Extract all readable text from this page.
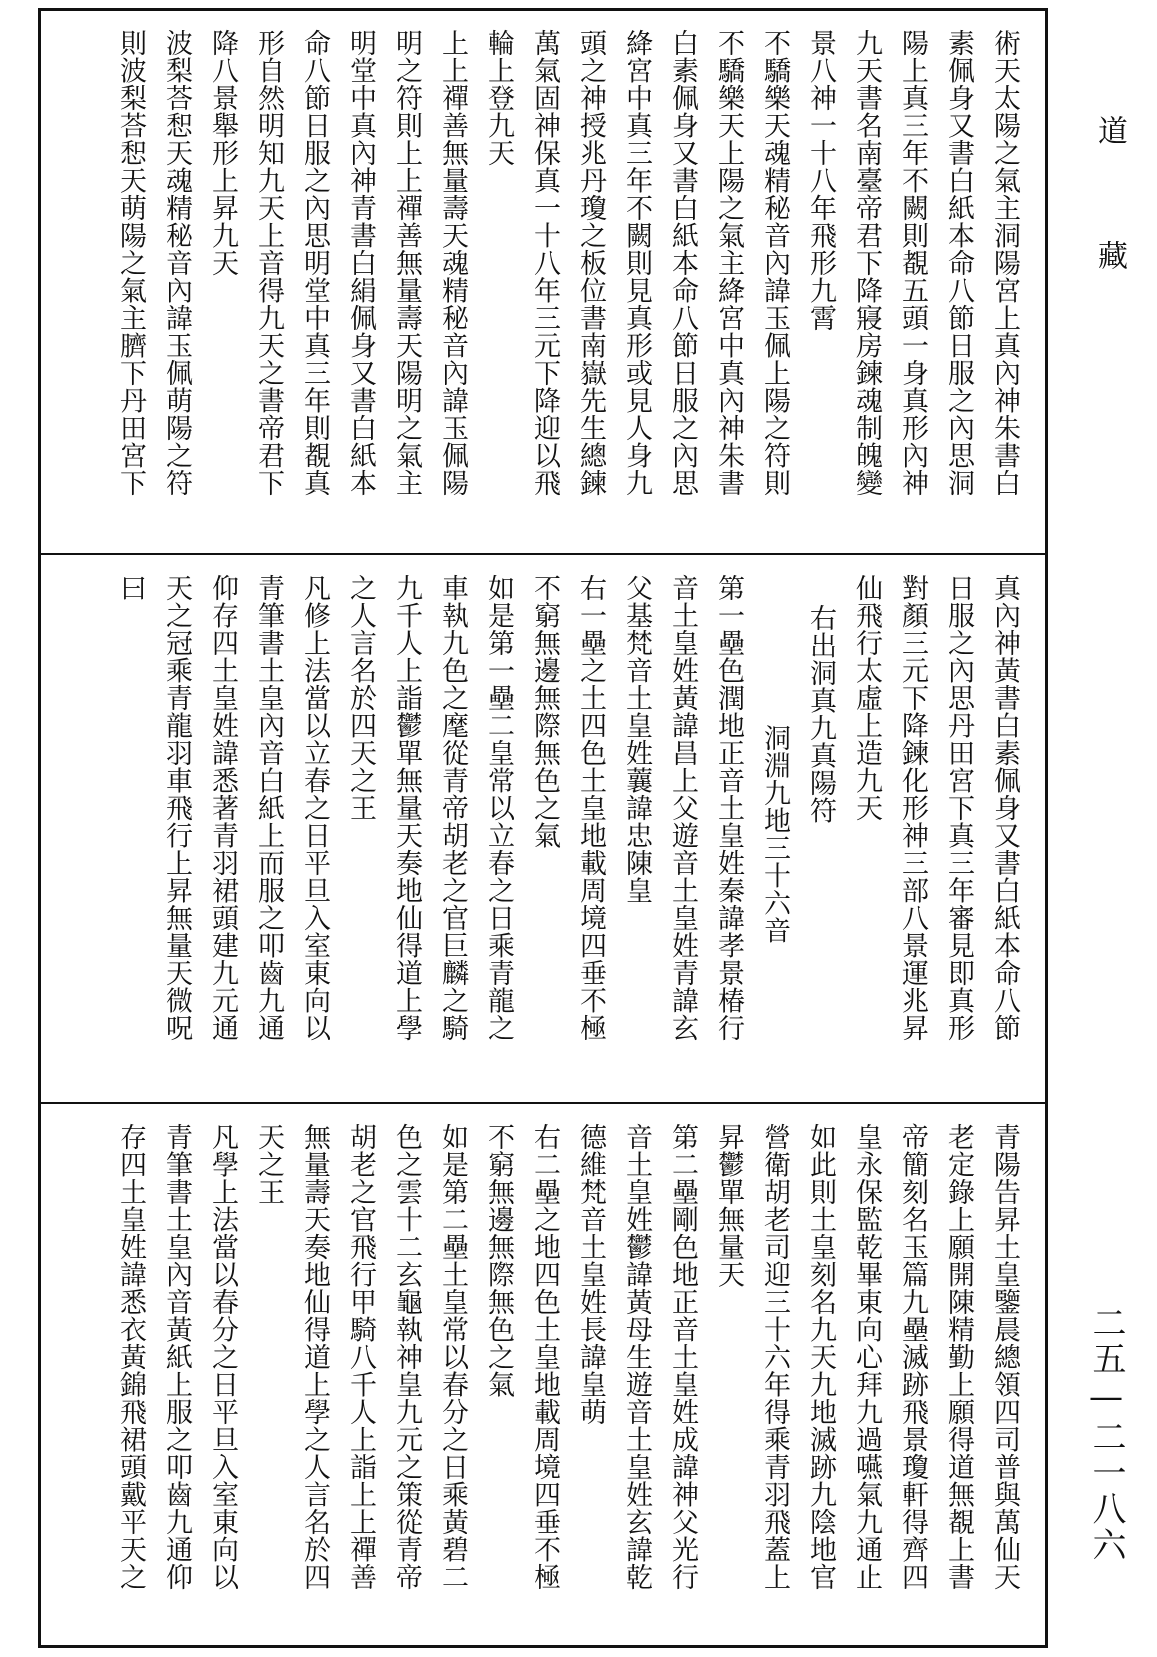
術天太陽之氣主洞陽宮上真內神朱書白
素佩身又書白紙本命八節日服之內思洞
陽上真三年不闕則覩五頭一身真形內神
九天書名南臺帝君下降寢房鍊魂制魄變
景八神一十八年飛形九霄
不驕樂天魂精秘音內諱玉佩上陽之符則
不驕樂天上陽之氣主絳宮中真內神朱書
白素佩身又書白紙本命八節日服之內思
絳宮中真三年不闕則見真形或見人身九
頭之神授兆丹瓊之板位書南嶽先生總鍊
萬氣固神保真一十八年三元下降迎以飛
輪上登九天
上上禪善無量壽天魂精秘音內諱玉佩陽
明之符則上上禪善無量壽天陽明之氣主
明堂中真內神青書白絹佩身又書白紙本
命八節日服之內思明堂中真三年則覩真
形自然明知九天上音得九天之書帝君下
降八景舉形上昇九天
波梨荅惒天魂精秘音內諱玉佩萌陽之符
則波梨荅惒天萌陽之氣主臍下丹田宮下
真內神黃書白素佩身又書白紙本命八節
日服之內思丹田宮下真三年審見即真形
對顏三元下降鍊化形神三部八景運兆昇
仙飛行太虛上造九天
右出洞真九真陽符
洞淵九地三十六音
第一壘色潤地正音土皇姓秦諱孝景椿行
音土皇姓黃諱昌上父遊音土皇姓青諱玄
父基梵音土皇姓蘘諱忠陳皇
右一壘之土四色土皇地載周境四垂不極
不窮無邊無際無色之氣
如是第一壘二皇常以立春之日乘青龍之
車執九色之麾從青帝胡老之官巨麟之騎
九千人上詣鬱單無量天奏地仙得道上學
之人言名於四天之王
凡修上法當以立春之日平旦入室東向以
青筆書土皇內音白紙上而服之叩齒九通
仰存四土皇姓諱悉著青羽裙頭建九元通
天之冠乘青龍羽車飛行上昇無量天微呪
曰
青陽告昇土皇鑒晨總領四司普與萬仙天
老定錄上願開陳精勤上願得道無覩上書
帝簡刻名玉篇九壘滅跡飛景瓊軒得齊四
皇永保監乾畢東向心拜九過嚥氣九通止
如此則土皇刻名九天九地滅跡九陰地官
營衛胡老司迎三十六年得乘青羽飛蓋上
昇鬱單無量天
第二壘剛色地正音土皇姓成諱神父光行
音土皇姓鬱諱黃母生遊音土皇姓玄諱乾
德維梵音土皇姓長諱皇萌
右二壘之地四色土皇地載周境四垂不極
不窮無邊無際無色之氣
如是第二壘土皇常以春分之日乘黃碧二
色之雲十二玄龜執神皇九元之策從青帝
胡老之官飛行甲騎八千人上詣上上禪善
無量壽天奏地仙得道上學之人言名於四
天之王
凡學上法當以春分之日平旦入室東向以
青筆書土皇內音黃紙上服之叩齒九通仰
存四土皇姓諱悉衣黃錦飛裙頭戴平天之
道 藏
二五—二一八六
